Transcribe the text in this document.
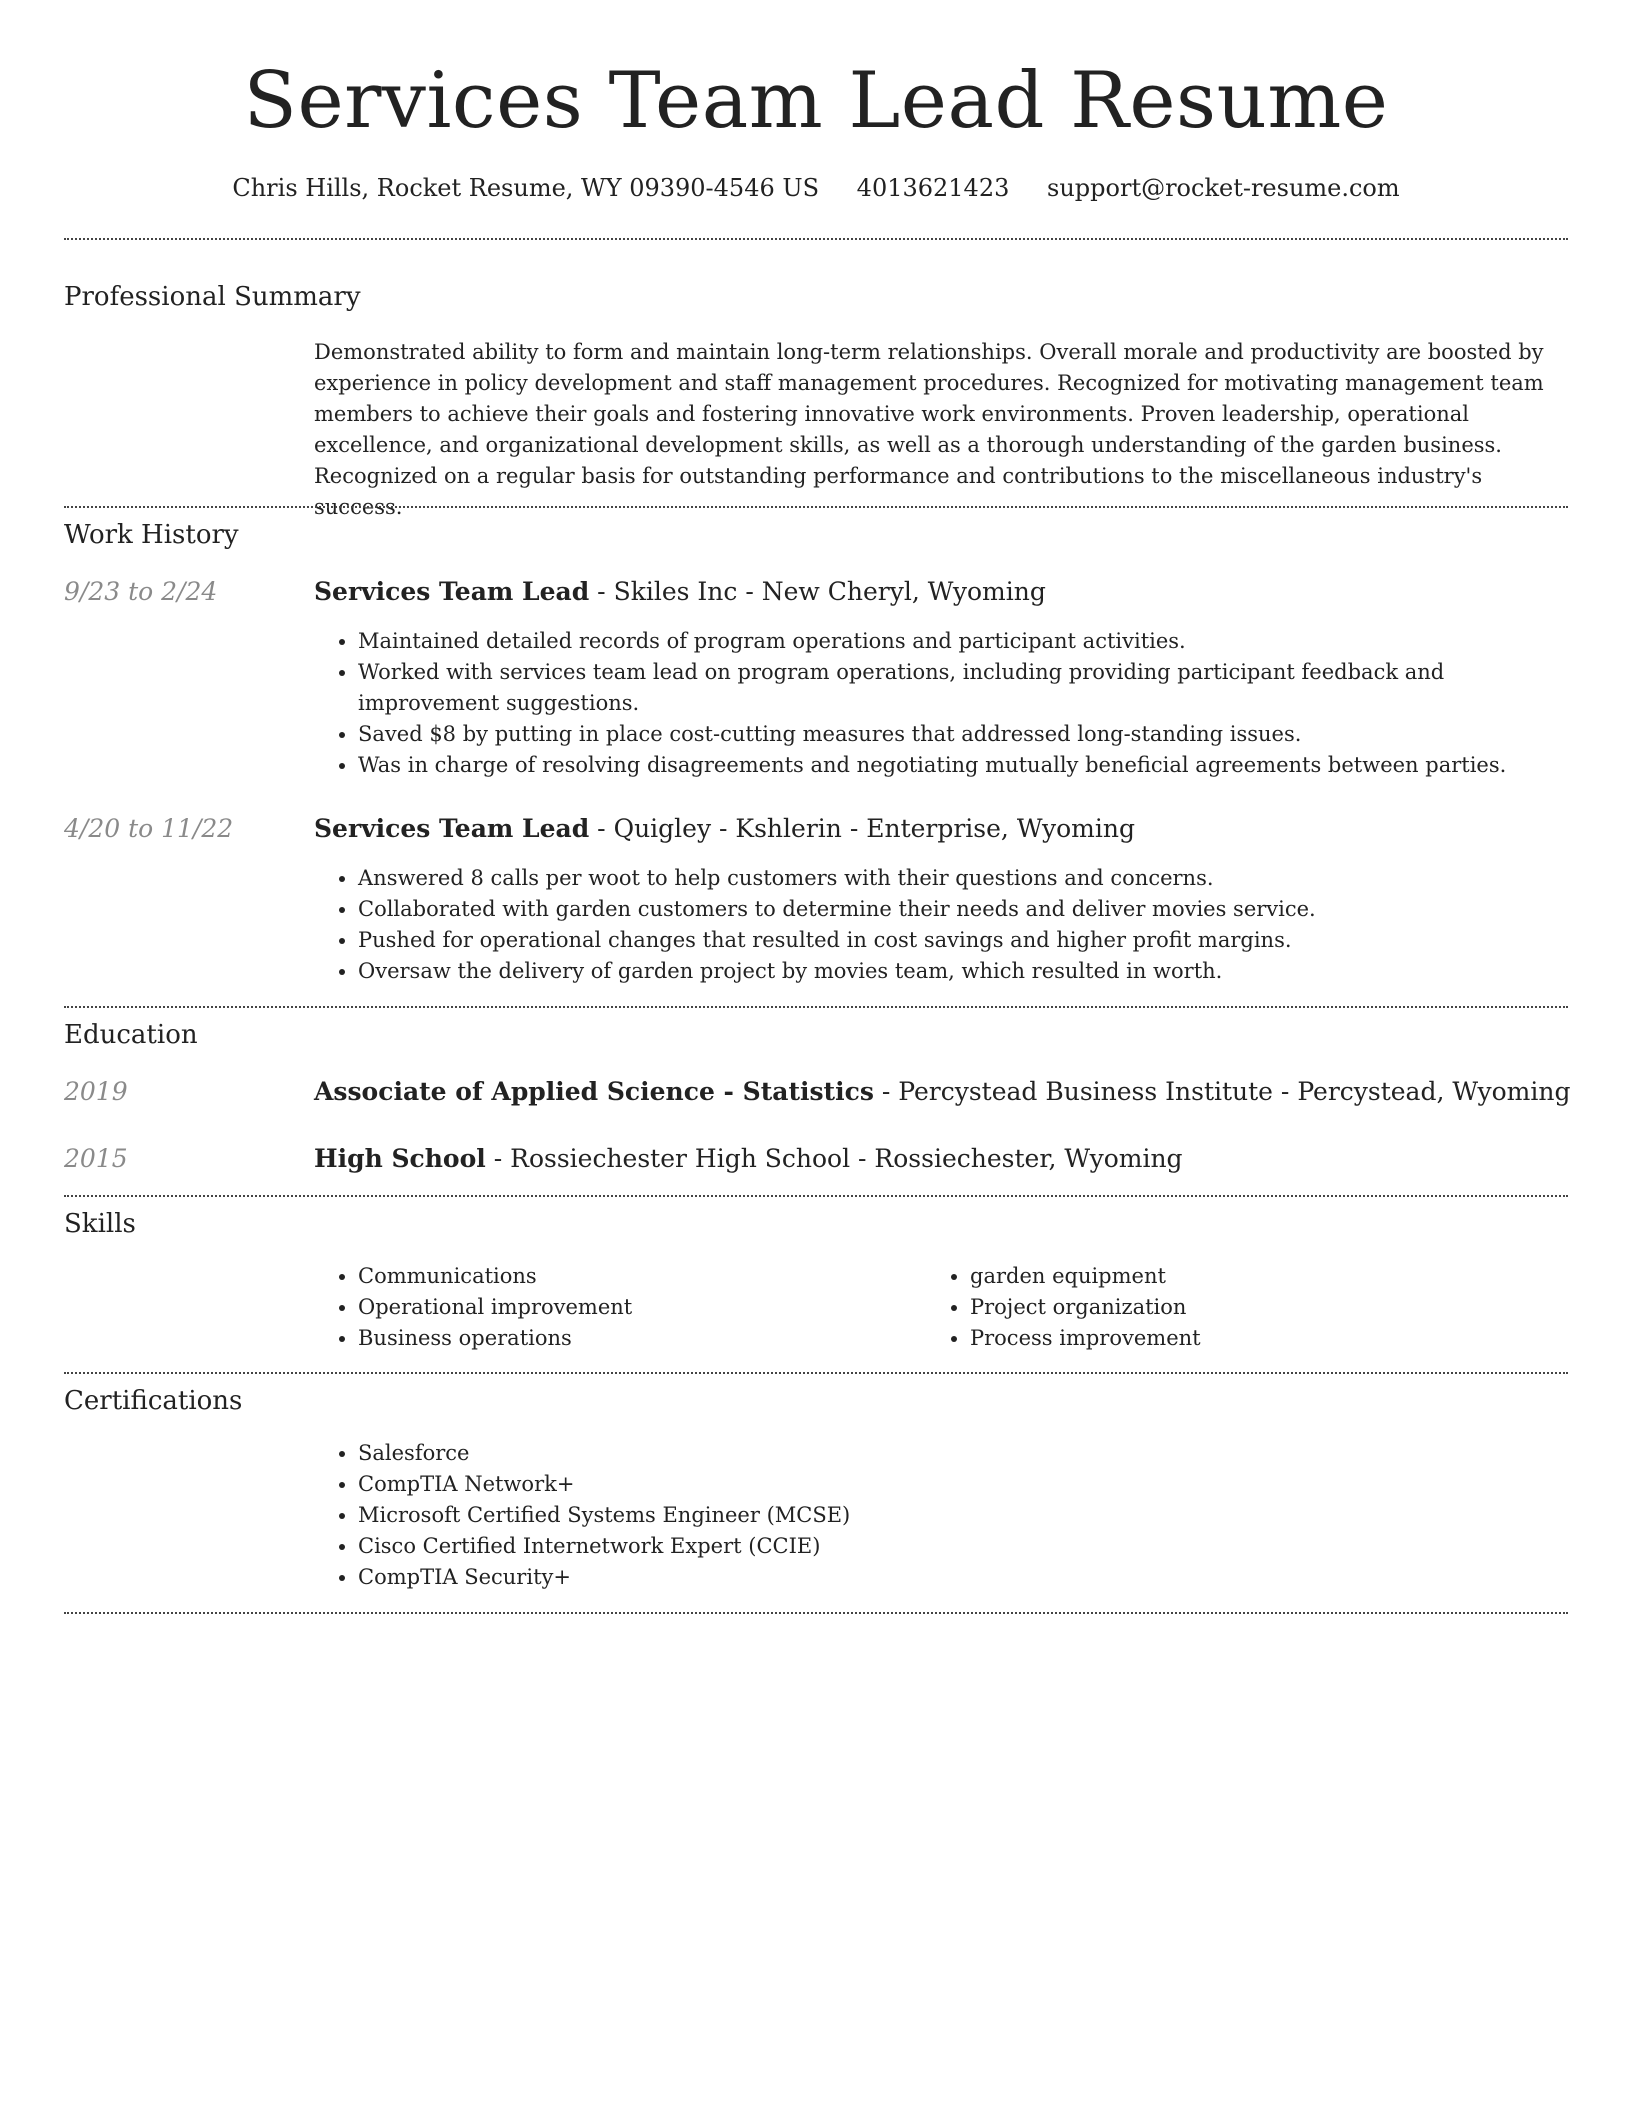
Services Team Lead Resume
Chris Hills, Rocket Resume, WY 09390-4546 US 4013621423 support@rocket-resume.com
Professional Summary
Demonstrated ability to form and maintain long-term relationships. Overall morale and productivity are boosted by experience in policy development and staff management procedures. Recognized for motivating management team members to achieve their goals and fostering innovative work environments. Proven leadership, operational excellence, and organizational development skills, as well as a thorough understanding of the garden business. Recognized on a regular basis for outstanding performance and contributions to the miscellaneous industry's success.
Work History
9/23 to 2/24	Services Team Lead - Skiles Inc - New Cheryl, Wyoming
• Maintained detailed records of program operations and participant activities.
• Worked with services team lead on program operations, including providing participant feedback and improvement suggestions.
• Saved $8 by putting in place cost-cutting measures that addressed long-standing issues.
• Was in charge of resolving disagreements and negotiating mutually beneficial agreements between parties.
4/20 to 11/22	Services Team Lead - Quigley - Kshlerin - Enterprise, Wyoming
• Answered 8 calls per woot to help customers with their questions and concerns.
• Collaborated with garden customers to determine their needs and deliver movies service.
• Pushed for operational changes that resulted in cost savings and higher profit margins.
• Oversaw the delivery of garden project by movies team, which resulted in worth.
Education
2019	Associate of Applied Science - Statistics - Percystead Business Institute - Percystead, Wyoming
2015	High School - Rossiechester High School - Rossiechester, Wyoming
Skills
• Communications
• Operational improvement
• Business operations
• garden equipment
• Project organization
• Process improvement
Certifications
• Salesforce
• CompTIA Network+
• Microsoft Certified Systems Engineer (MCSE)
• Cisco Certified Internetwork Expert (CCIE)
• CompTIA Security+
